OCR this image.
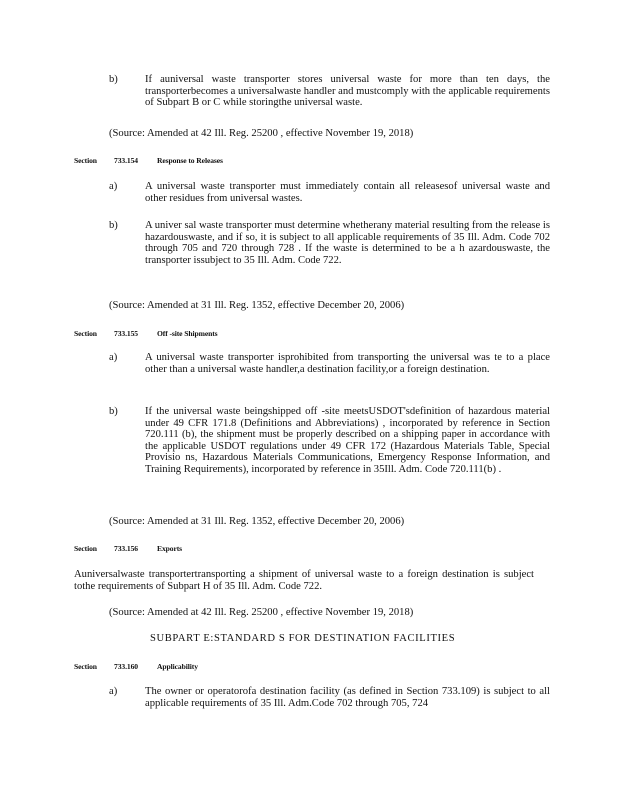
b)	If auniversal waste transporter stores universal waste for more than ten days, the transporterbecomes a universalwaste handler and mustcomply with the applicable requirements of Subpart B or C while storingthe universal waste.
(Source: Amended at 42 Ill. Reg. 25200 , effective November 19, 2018)
Section 733.154	Response to Releases
a)	A universal waste transporter must immediately contain all releasesof universal waste and other residues from universal wastes.
b)	A univer sal waste transporter must determine whetherany material resulting from the release is hazardouswaste, and if so, it is subject to all applicable requirements of 35 Ill. Adm. Code 702 through 705 and 720 through 728 . If the waste is determined to be a h azardouswaste, the transporter issubject to 35 Ill. Adm. Code 722.
(Source: Amended at 31 Ill. Reg. 1352, effective December 20, 2006)
Section 733.155	Off -site Shipments
a)	A universal waste transporter isprohibited from transporting the universal was te to a place other than a universal waste handler,a destination facility,or a foreign destination.
b)	If the universal waste beingshipped off -site meetsUSDOT'sdefinition of hazardous material under 49 CFR 171.8 (Definitions and Abbreviations) , incorporated by reference in Section 720.111 (b), the shipment must be properly described on a shipping paper in accordance with the applicable USDOT regulations under 49 CFR 172 (Hazardous Materials Table, Special Provisio ns, Hazardous Materials Communications, Emergency Response Information, and Training Requirements), incorporated by reference in 35Ill. Adm. Code 720.111(b) .
(Source: Amended at 31 Ill. Reg. 1352, effective December 20, 2006)
Section 733.156	Exports
Auniversalwaste transportertransporting a shipment of universal waste to a foreign destination is subject tothe requirements of Subpart H of 35 Ill. Adm. Code 722.
(Source: Amended at 42 Ill. Reg. 25200 , effective November 19, 2018)
SUBPART E:STANDARD S FOR DESTINATION FACILITIES
Section 733.160	Applicability
a)	The owner or operatorofa destination facility (as defined in Section 733.109) is subject to all applicable requirements of 35 Ill. Adm.Code 702 through 705, 724
